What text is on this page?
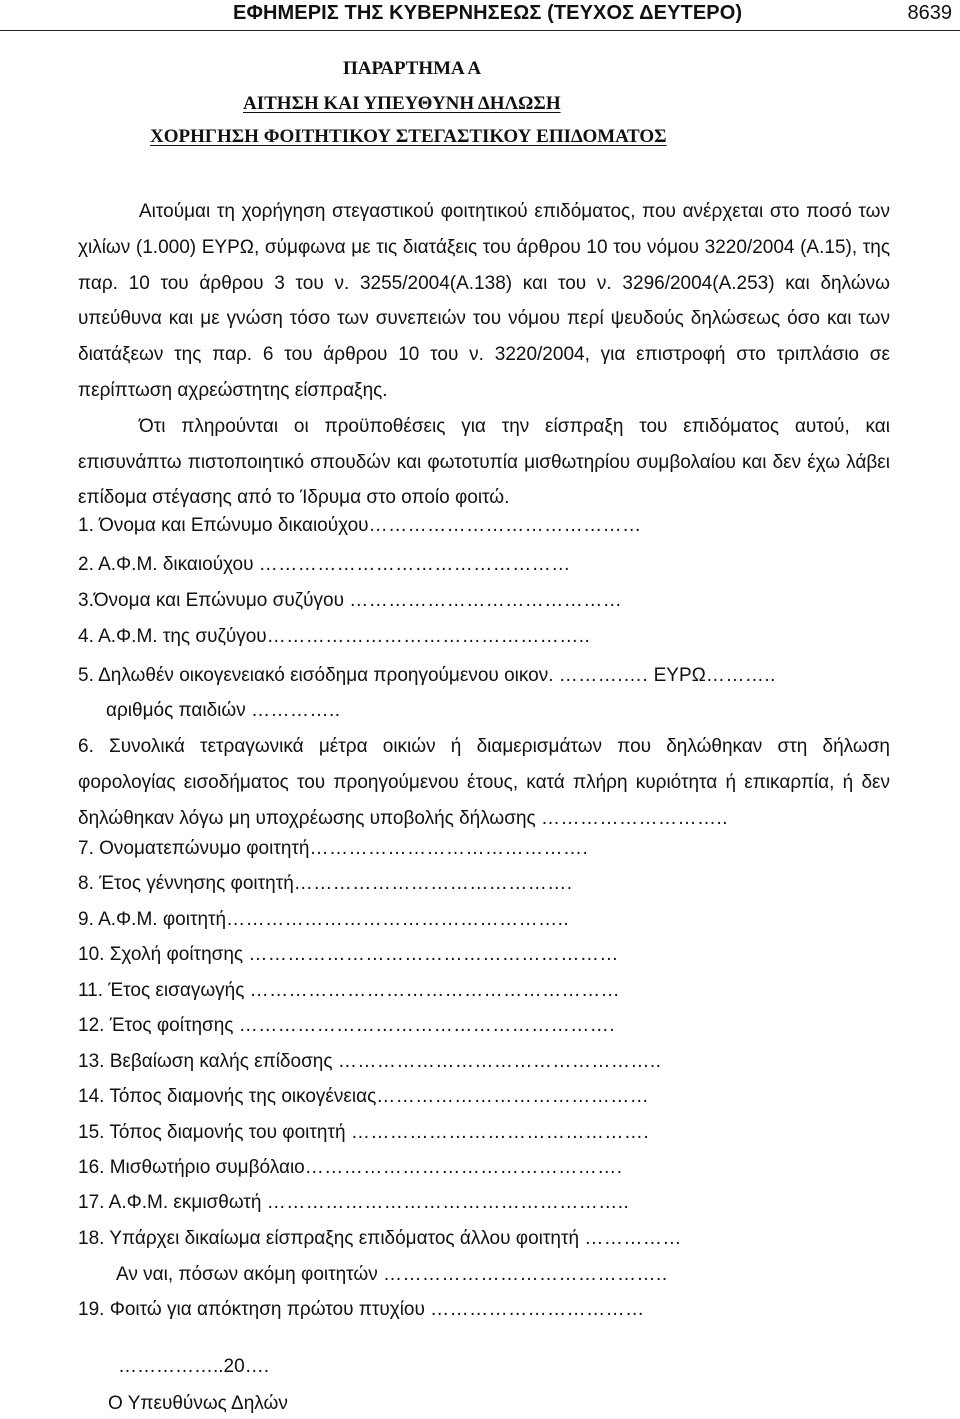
ΕΦΗΜΕΡΙΣ ΤΗΣ ΚΥΒΕΡΝΗΣΕΩΣ (ΤΕΥΧΟΣ ΔΕΥΤΕΡΟ)	8639
ΠΑΡΑΡΤΗΜΑ Α
ΑΙΤΗΣΗ ΚΑΙ ΥΠΕΥΘΥΝΗ ΔΗΛΩΣΗ
ΧΟΡΗΓΗΣΗ ΦΟΙΤΗΤΙΚΟΥ ΣΤΕΓΑΣΤΙΚΟΥ ΕΠΙΔΟΜΑΤΟΣ

Αιτούμαι τη χορήγηση στεγαστικού φοιτητικού επιδόματος, που ανέρχεται στο ποσό των χιλίων (1.000) ΕΥΡΩ, σύμφωνα με τις διατάξεις του άρθρου 10 του νόμου 3220/2004 (Α.15), της παρ. 10 του άρθρου 3 του ν. 3255/2004(Α.138) και του ν. 3296/2004(Α.253) και δηλώνω υπεύθυνα και με γνώση τόσο των συνεπειών του νόμου περί ψευδούς δηλώσεως όσο και των διατάξεων της παρ. 6 του άρθρου 10 του ν. 3220/2004, για επιστροφή στο τριπλάσιο σε περίπτωση αχρεώστητης είσπραξης.

Ότι πληρούνται οι προϋποθέσεις για την είσπραξη του επιδόματος αυτού, και επισυνάπτω πιστοποιητικό σπουδών και φωτοτυπία μισθωτηρίου συμβολαίου και δεν έχω λάβει επίδομα στέγασης από το Ίδρυμα στο οποίο φοιτώ.

1. Όνομα και Επώνυμο δικαιούχου……………………………………
2. Α.Φ.Μ. δικαιούχου …………………………………………
3.Όνομα και Επώνυμο συζύγου ……………………………………
4. Α.Φ.Μ. της συζύγου…………………………………………..
5. Δηλωθέν οικογενειακό εισόδημα προηγούμενου οικον. ……….…. ΕΥΡΩ………..
αριθμός παιδιών …………..
6. Συνολικά τετραγωνικά μέτρα οικιών ή διαμερισμάτων που δηλώθηκαν στη δήλωση φορολογίας εισοδήματος του προηγούμενου έτους, κατά πλήρη κυριότητα ή επικαρπία, ή δεν δηλώθηκαν λόγω μη υποχρέωσης υποβολής δήλωσης ………………………..
7. Ονοματεπώνυμο φοιτητή…………………………………….
8. Έτος γέννησης φοιτητή…………………………………….
9. Α.Φ.Μ. φοιτητή……………………………………………..
10. Σχολή φοίτησης …………………………………………………
11. Έτος εισαγωγής …………………………………………………
12. Έτος φοίτησης ………………………………………………….
13. Βεβαίωση καλής επίδοσης …………………………………………..
14. Τόπος διαμονής της οικογένειας……………………………………
15. Τόπος διαμονής του φοιτητή ……………………………………….
16. Μισθωτήριο συμβόλαιο………………………………………….
17. Α.Φ.Μ. εκμισθωτή ………………………………………………..
18. Υπάρχει δικαίωμα είσπραξης επιδόματος άλλου φοιτητή ……………
Αν ναι, πόσων ακόμη φοιτητών ……………………………………..
19. Φοιτώ για απόκτηση πρώτου πτυχίου ……………………………
……………..20….
Ο Υπευθύνως Δηλών
